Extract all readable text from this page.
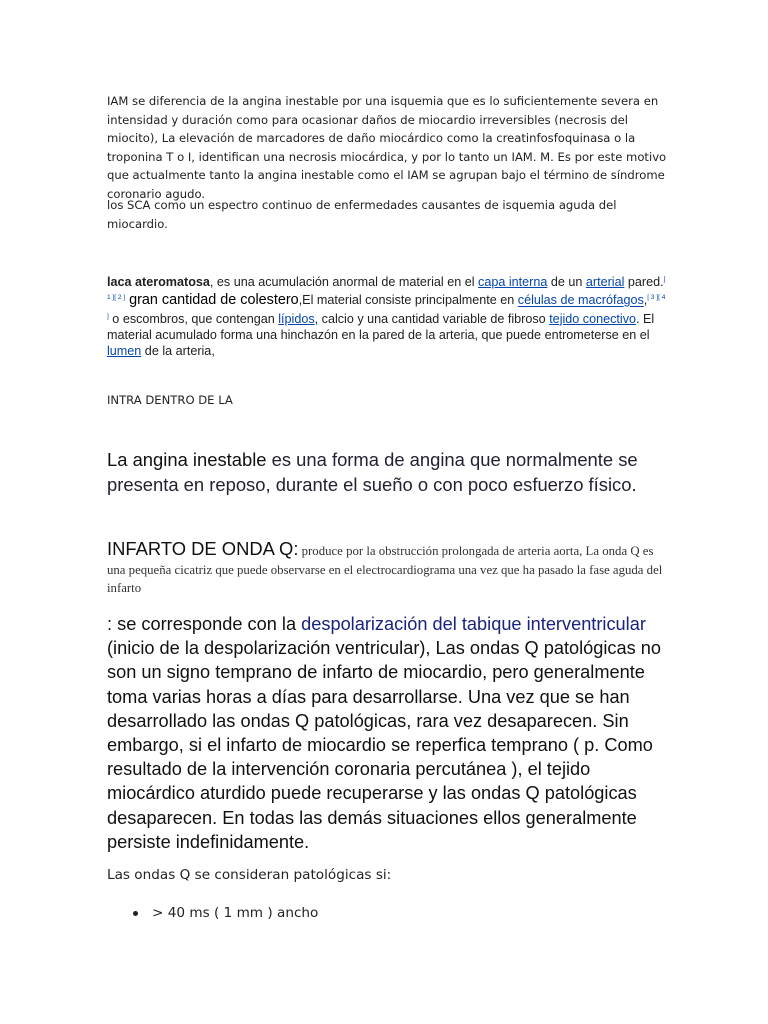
IAM se diferencia de la angina inestable por una isquemia que es lo suficientemente severa en intensidad y duración como para ocasionar daños de miocardio irreversibles (necrosis del miocito), La elevación de marcadores de daño miocárdico como la creatinfosfoquinasa o la troponina T o I, identifican una necrosis miocárdica, y por lo tanto un IAM. M. Es por este motivo que actualmente tanto la angina inestable como el IAM se agrupan bajo el término de síndrome coronario agudo.
los SCA como un espectro continuo de enfermedades causantes de isquemia aguda del miocardio.
laca ateromatosa, es una acumulación anormal de material en el capa interna de un arterial pared.[ 1 ][ 2 ] gran cantidad de colestero,El material consiste principalmente en células de macrófagos,[ 3 ][ 4 ] o escombros, que contengan lípidos, calcio y una cantidad variable de fibroso tejido conectivo. El material acumulado forma una hinchazón en la pared de la arteria, que puede entrometerse en el lumen de la arteria,
INTRA DENTRO DE LA
La angina inestable es una forma de angina que normalmente se presenta en reposo, durante el sueño o con poco esfuerzo físico.
INFARTO DE ONDA Q: produce por la obstrucción prolongada de arteria aorta, La onda Q es una pequeña cicatriz que puede observarse en el electrocardiograma una vez que ha pasado la fase aguda del infarto
: se corresponde con la despolarización del tabique interventricular (inicio de la despolarización ventricular), Las ondas Q patológicas no son un signo temprano de infarto de miocardio, pero generalmente toma varias horas a días para desarrollarse. Una vez que se han desarrollado las ondas Q patológicas, rara vez desaparecen. Sin embargo, si el infarto de miocardio se reperfica temprano ( p. Como resultado de la intervención coronaria percutánea ), el tejido miocárdico aturdido puede recuperarse y las ondas Q patológicas desaparecen. En todas las demás situaciones ellos generalmente persiste indefinidamente.
Las ondas Q se consideran patológicas si:
> 40 ms ( 1 mm ) ancho
